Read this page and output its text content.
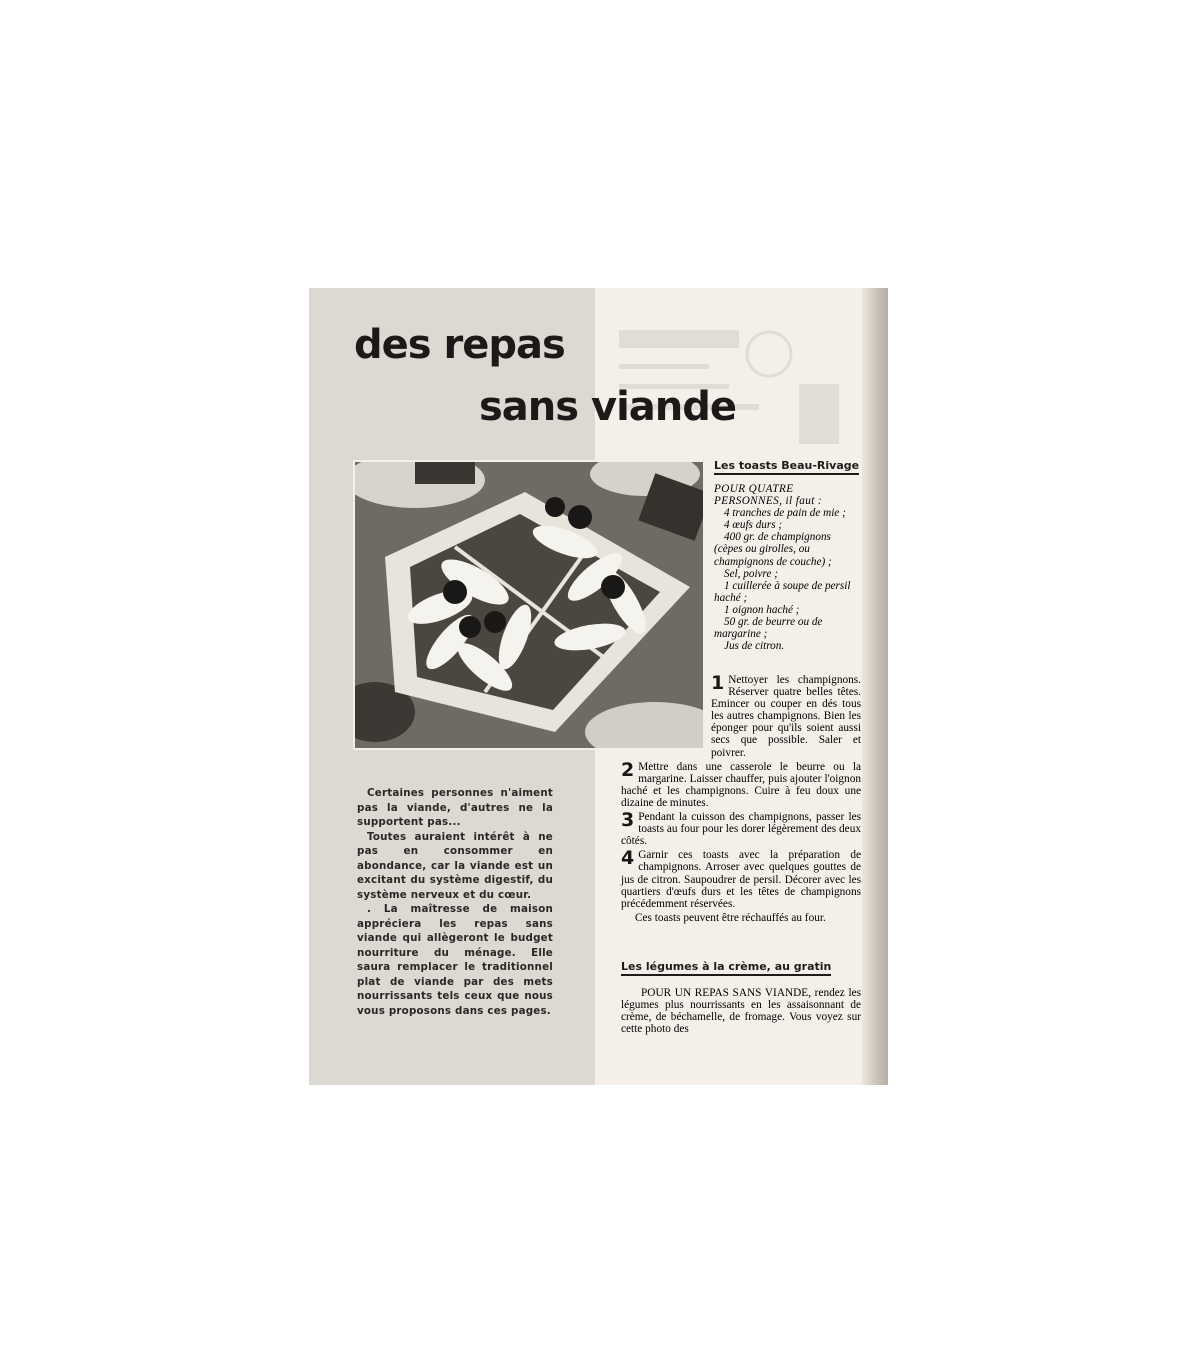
des repas
sans viande

Certaines personnes n'aiment pas la viande, d'autres ne la supportent pas...

Toutes auraient intérêt à ne pas en consommer en abondance, car la viande est un excitant du système digestif, du système nerveux et du cœur.

. La maîtresse de maison appréciera les repas sans viande qui allègeront le budget nourriture du ménage. Elle saura remplacer le traditionnel plat de viande par des mets nourrissants tels ceux que nous vous proposons dans ces pages.

Les toasts Beau-Rivage
POUR QUATRE PERSONNES, il faut :
4 tranches de pain de mie ;
4 œufs durs ;
400 gr. de champignons (cèpes ou girolles, ou champignons de couche) ;
Sel, poivre ;
1 cuillerée à soupe de persil haché ;
1 oignon haché ;
50 gr. de beurre ou de margarine ;
Jus de citron.
1 Nettoyer les champignons. Réserver quatre belles têtes. Emincer ou couper en dés tous les autres champignons. Bien les éponger pour qu'ils soient aussi secs que possible. Saler et poivrer.
2 Mettre dans une casserole le beurre ou la margarine. Laisser chauffer, puis ajouter l'oignon haché et les champignons. Cuire à feu doux une dizaine de minutes.
3 Pendant la cuisson des champignons, passer les toasts au four pour les dorer légèrement des deux côtés.
4 Garnir ces toasts avec la préparation de champignons. Arroser avec quelques gouttes de jus de citron. Saupoudrer de persil. Décorer avec les quartiers d'œufs durs et les têtes de champignons précédemment réservées.
Ces toasts peuvent être réchauffés au four.
Les légumes à la crème, au gratin
POUR UN REPAS SANS VIANDE, rendez les légumes plus nourrissants en les assaisonnant de crème, de béchamelle, de fromage. Vous voyez sur cette photo des
